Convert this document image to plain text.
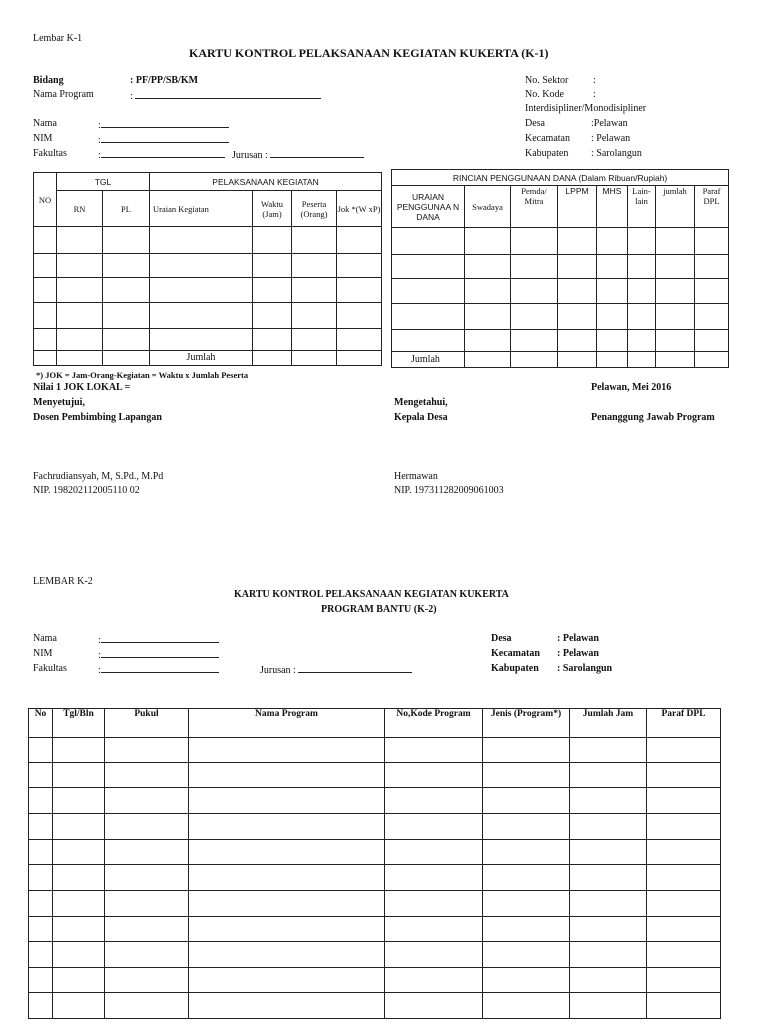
Lembar K-1
KARTU KONTROL PELAKSANAAN KEGIATAN KUKERTA (K-1)
Bidang	: PF/PP/SB/KM
Nama Program	:
Nama	:
NIM	:
Fakultas	:	Jurusan :
No. Sektor :
No. Kode	:
Interdisipliner/Monodisipliner
Desa	:Pelawan
Kecamatan : Pelawan
Kabupaten : Sarolangun
NO	TGL		PELAKSANAAN KEGIATAN			
	RN	PL	Uraian Kegiatan	Waktu (Jam)	Peserta (Orang)	Jok *(W xP)

			Jumlah			
RINCIAN PENGGUNAAN DANA (Dalam Ribuan/Rupiah)							
URAIAN PENGGUNAA N DANA	Swadaya	Pemda/ Mitra	LPPM	MHS	Lain- lain	jumlah	Paraf DPL

Jumlah							
*) JOK = Jam-Orang-Kegiatan = Waktu x Jumlah Peserta
Nilai 1 JOK LOKAL =	Pelawan, Mei 2016
Menyetujui,	Mengetahui,
Dosen Pembimbing Lapangan	Kepala Desa	Penanggung Jawab Program
Fachrudiansyah, M, S.Pd., M.Pd
NIP. 198202112005110 02
Hermawan
NIP. 197311282009061003
LEMBAR K-2
KARTU KONTROL PELAKSANAAN KEGIATAN KUKERTA
PROGRAM BANTU (K-2)
Nama	:
NIM	:
Fakultas	:	Jurusan :
Desa	: Pelawan
Kecamatan : Pelawan
Kabupaten : Sarolangun
No	Tgl/Bln	Pukul	Nama Program	No,Kode Program	Jenis (Program*)	Jumlah Jam	Paraf DPL
